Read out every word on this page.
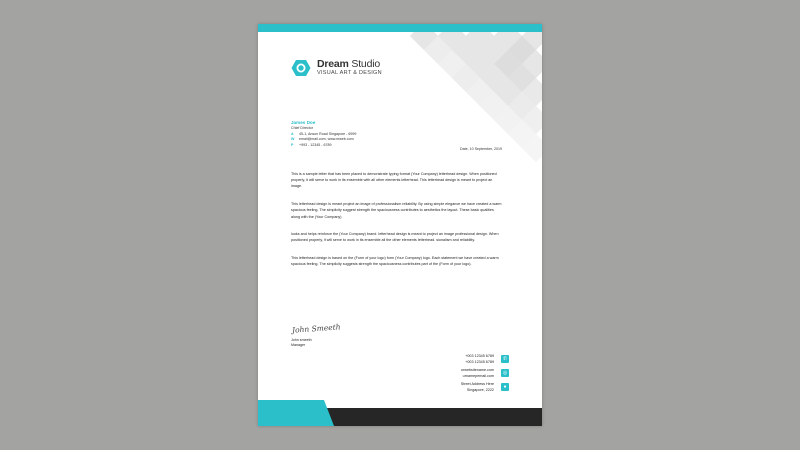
Dream Studio
VISUAL ART & DESIGN
James Doe
Chief Director
A 45-1, Anson Road Singapore - 6999
W email@mail.com, www.mweb.com
P +993 - 12345 - 6789
Date, 10 September, 2019

This is a sample letter that has been placed to demonstrate typing format (Your Company) letterhead design. When positioned properly, it will serve to work in its ensemble with all other elements letterhead. This letterhead design is meant to project an image.

This letterhead design is meant project an image of professionalism reliability. By using simple elegance we have created a warm spacious feeling. The simplicity suggest strength the spaciousness contributes to aesthetics the layout. These basic qualities along with the (Your Company)

looks and helps reinforce the (Your Company) brand. letterhead design is meant to project an image professional design. When positioned properly, it will serve to work in its ensemble all the other elements letterhead. sionalism and reliability.

This letterhead design is based on the (Form of your logo) form (Your Company) logo. Each statement we have created a warm spacious feeling. The simplicity suggests strength the spaciousness contributes part of the (Form of your logo).

John Smeeth
John smeeth
Manager
✆
+003 12345 6789
+003 12345 6789
◎
urwebsitename.com
urnamepemail.com
●
Street Address Here
Singapore, 2222
